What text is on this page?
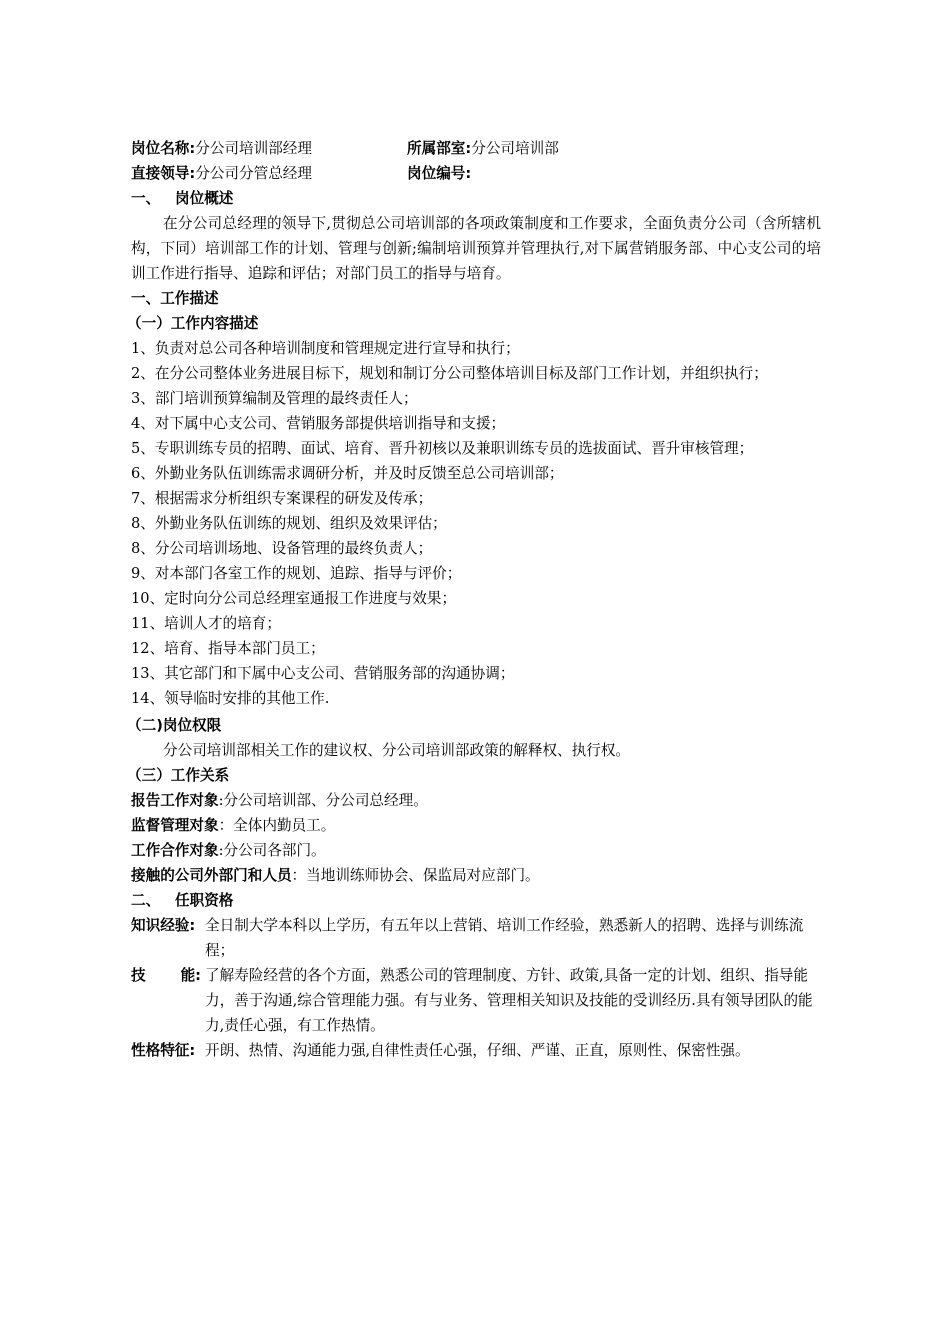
岗位名称:分公司培训部经理	所属部室:分公司培训部
直接领导:分公司分管总经理	岗位编号:
一、 岗位概述
在分公司总经理的领导下,贯彻总公司培训部的各项政策制度和工作要求，全面负责分公司（含所辖机构，下同）培训部工作的计划、管理与创新;编制培训预算并管理执行,对下属营销服务部、中心支公司的培训工作进行指导、追踪和评估；对部门员工的指导与培育。
一、工作描述
（一）工作内容描述
1、负责对总公司各种培训制度和管理规定进行宣导和执行；
2、在分公司整体业务进展目标下，规划和制订分公司整体培训目标及部门工作计划，并组织执行；
3、部门培训预算编制及管理的最终责任人；
4、对下属中心支公司、营销服务部提供培训指导和支援；
5、专职训练专员的招聘、面试、培育、晋升初核以及兼职训练专员的选拔面试、晋升审核管理；
6、外勤业务队伍训练需求调研分析，并及时反馈至总公司培训部；
7、根据需求分析组织专案课程的研发及传承；
8、外勤业务队伍训练的规划、组织及效果评估；
8、分公司培训场地、设备管理的最终负责人；
9、对本部门各室工作的规划、追踪、指导与评价；
10、定时向分公司总经理室通报工作进度与效果；
11、培训人才的培育；
12、培育、指导本部门员工；
13、其它部门和下属中心支公司、营销服务部的沟通协调；
14、领导临时安排的其他工作.
（二)岗位权限
分公司培训部相关工作的建议权、分公司培训部政策的解释权、执行权。
（三）工作关系
报告工作对象:分公司培训部、分公司总经理。
监督管理对象：全体内勤员工。
工作合作对象:分公司各部门。
接触的公司外部门和人员：当地训练师协会、保监局对应部门。
二、 任职资格
知识经验: 全日制大学本科以上学历，有五年以上营销、培训工作经验，熟悉新人的招聘、选择与训练流程；
技 能: 了解寿险经营的各个方面，熟悉公司的管理制度、方针、政策,具备一定的计划、组织、指导能力，善于沟通,综合管理能力强。有与业务、管理相关知识及技能的受训经历.具有领导团队的能力,责任心强，有工作热情。
性格特征: 开朗、热情、沟通能力强,自律性责任心强，仔细、严谨、正直，原则性、保密性强。
